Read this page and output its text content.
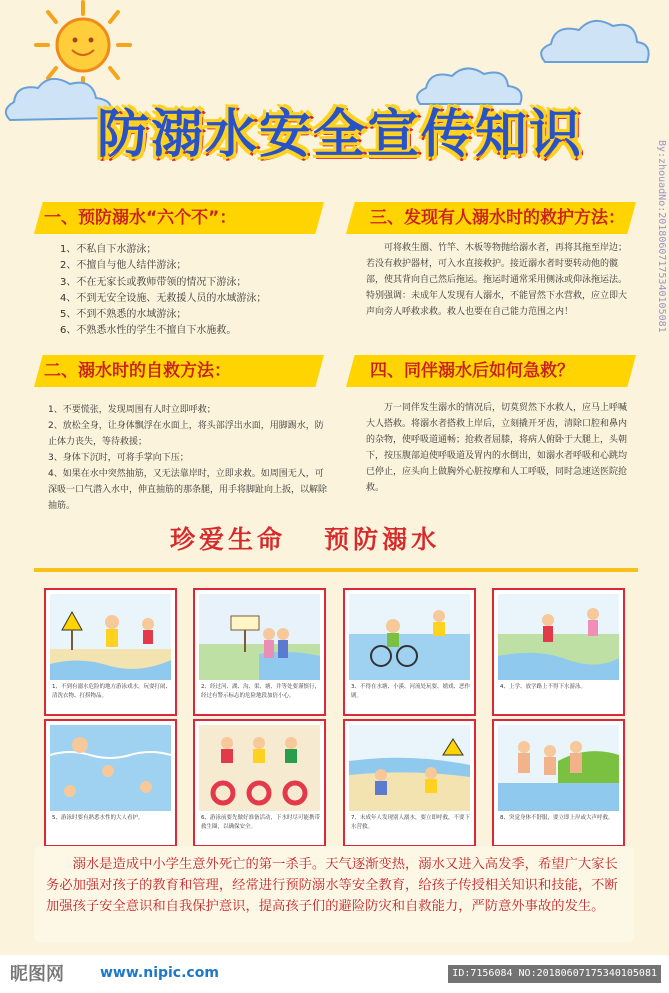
防溺水安全宣传知识
By:zhouadNo:20180607175340105081
一、预防溺水“六个不”：
1、不私自下水游泳；
2、不擅自与他人结伴游泳；
3、不在无家长或教师带领的情况下游泳；
4、不到无安全设施、无救援人员的水域游泳；
5、不到不熟悉的水域游泳；
6、不熟悉水性的学生不擅自下水施救。
三、发现有人溺水时的救护方法：
可将救生圈、竹竿、木板等物抛给溺水者，再将其拖至岸边；若没有救护器材，可入水直接救护。接近溺水者时要转动他的髋部，使其背向自己然后拖运。拖运时通常采用侧泳或仰泳拖运法。特别强调：未成年人发现有人溺水，不能冒然下水营救，应立即大声向旁人呼救求救。救人也要在自己能力范围之内！
二、溺水时的自救方法：
1、不要慌张，发现周围有人时立即呼救；
2、放松全身，让身体飘浮在水面上，将头部浮出水面，用脚踢水，防止体力丧失，等待救援；
3、身体下沉时，可将手掌向下压；
4、如果在水中突然抽筋，又无法靠岸时，立即求救。如周围无人，可深吸一口气潜入水中，伸直抽筋的那条腿，用手将脚趾向上扳，以解除抽筋。
四、同伴溺水后如何急救？
万一同伴发生溺水的情况后，切莫贸然下水救人，应马上呼喊大人搭救。将溺水者搭救上岸后，立刻撬开牙齿，清除口腔和鼻内的杂物，使呼吸道通畅；抢救者屈膝，将病人俯卧于大腿上，头朝下，按压腹部迫使呼吸道及胃内的水倒出，如溺水者呼吸和心跳均已停止，应头向上做胸外心脏按摩和人工呼吸，同时急速送医院抢救。
珍爱生命   预防溺水
1、不到有溺水危险的地方游泳戏水，玩耍打闹、清洗衣物、打捞物品。
2、经过河、湖、沟、渠、塘、井等处要谨慎行，经过有警示标志的危险地段加倍小心。
3、不得在水塘、小溪、河流处玩耍、嬉戏、恶作剧。
4、上学、放学路上不得下水游泳。
5、游泳时要有熟悉水性的大人看护。	6、游泳前要先做好准备活动，下水时尽可能携带救生圈，以确保安全。
7、未成年人发现别人溺水，要立即呼救，不要下水营救。
8、突觉身体不舒服，要立即上岸或大声呼救。
溺水是造成中小学生意外死亡的第一杀手。天气逐渐变热，溺水又进入高发季，希望广大家长务必加强对孩子的教育和管理，经常进行预防溺水等安全教育，给孩子传授相关知识和技能，不断加强孩子安全意识和自我保护意识，提高孩子们的避险防灾和自救能力，严防意外事故的发生。
昵图网	www.nipic.com	ID:7156084 NO:20180607175340105081
